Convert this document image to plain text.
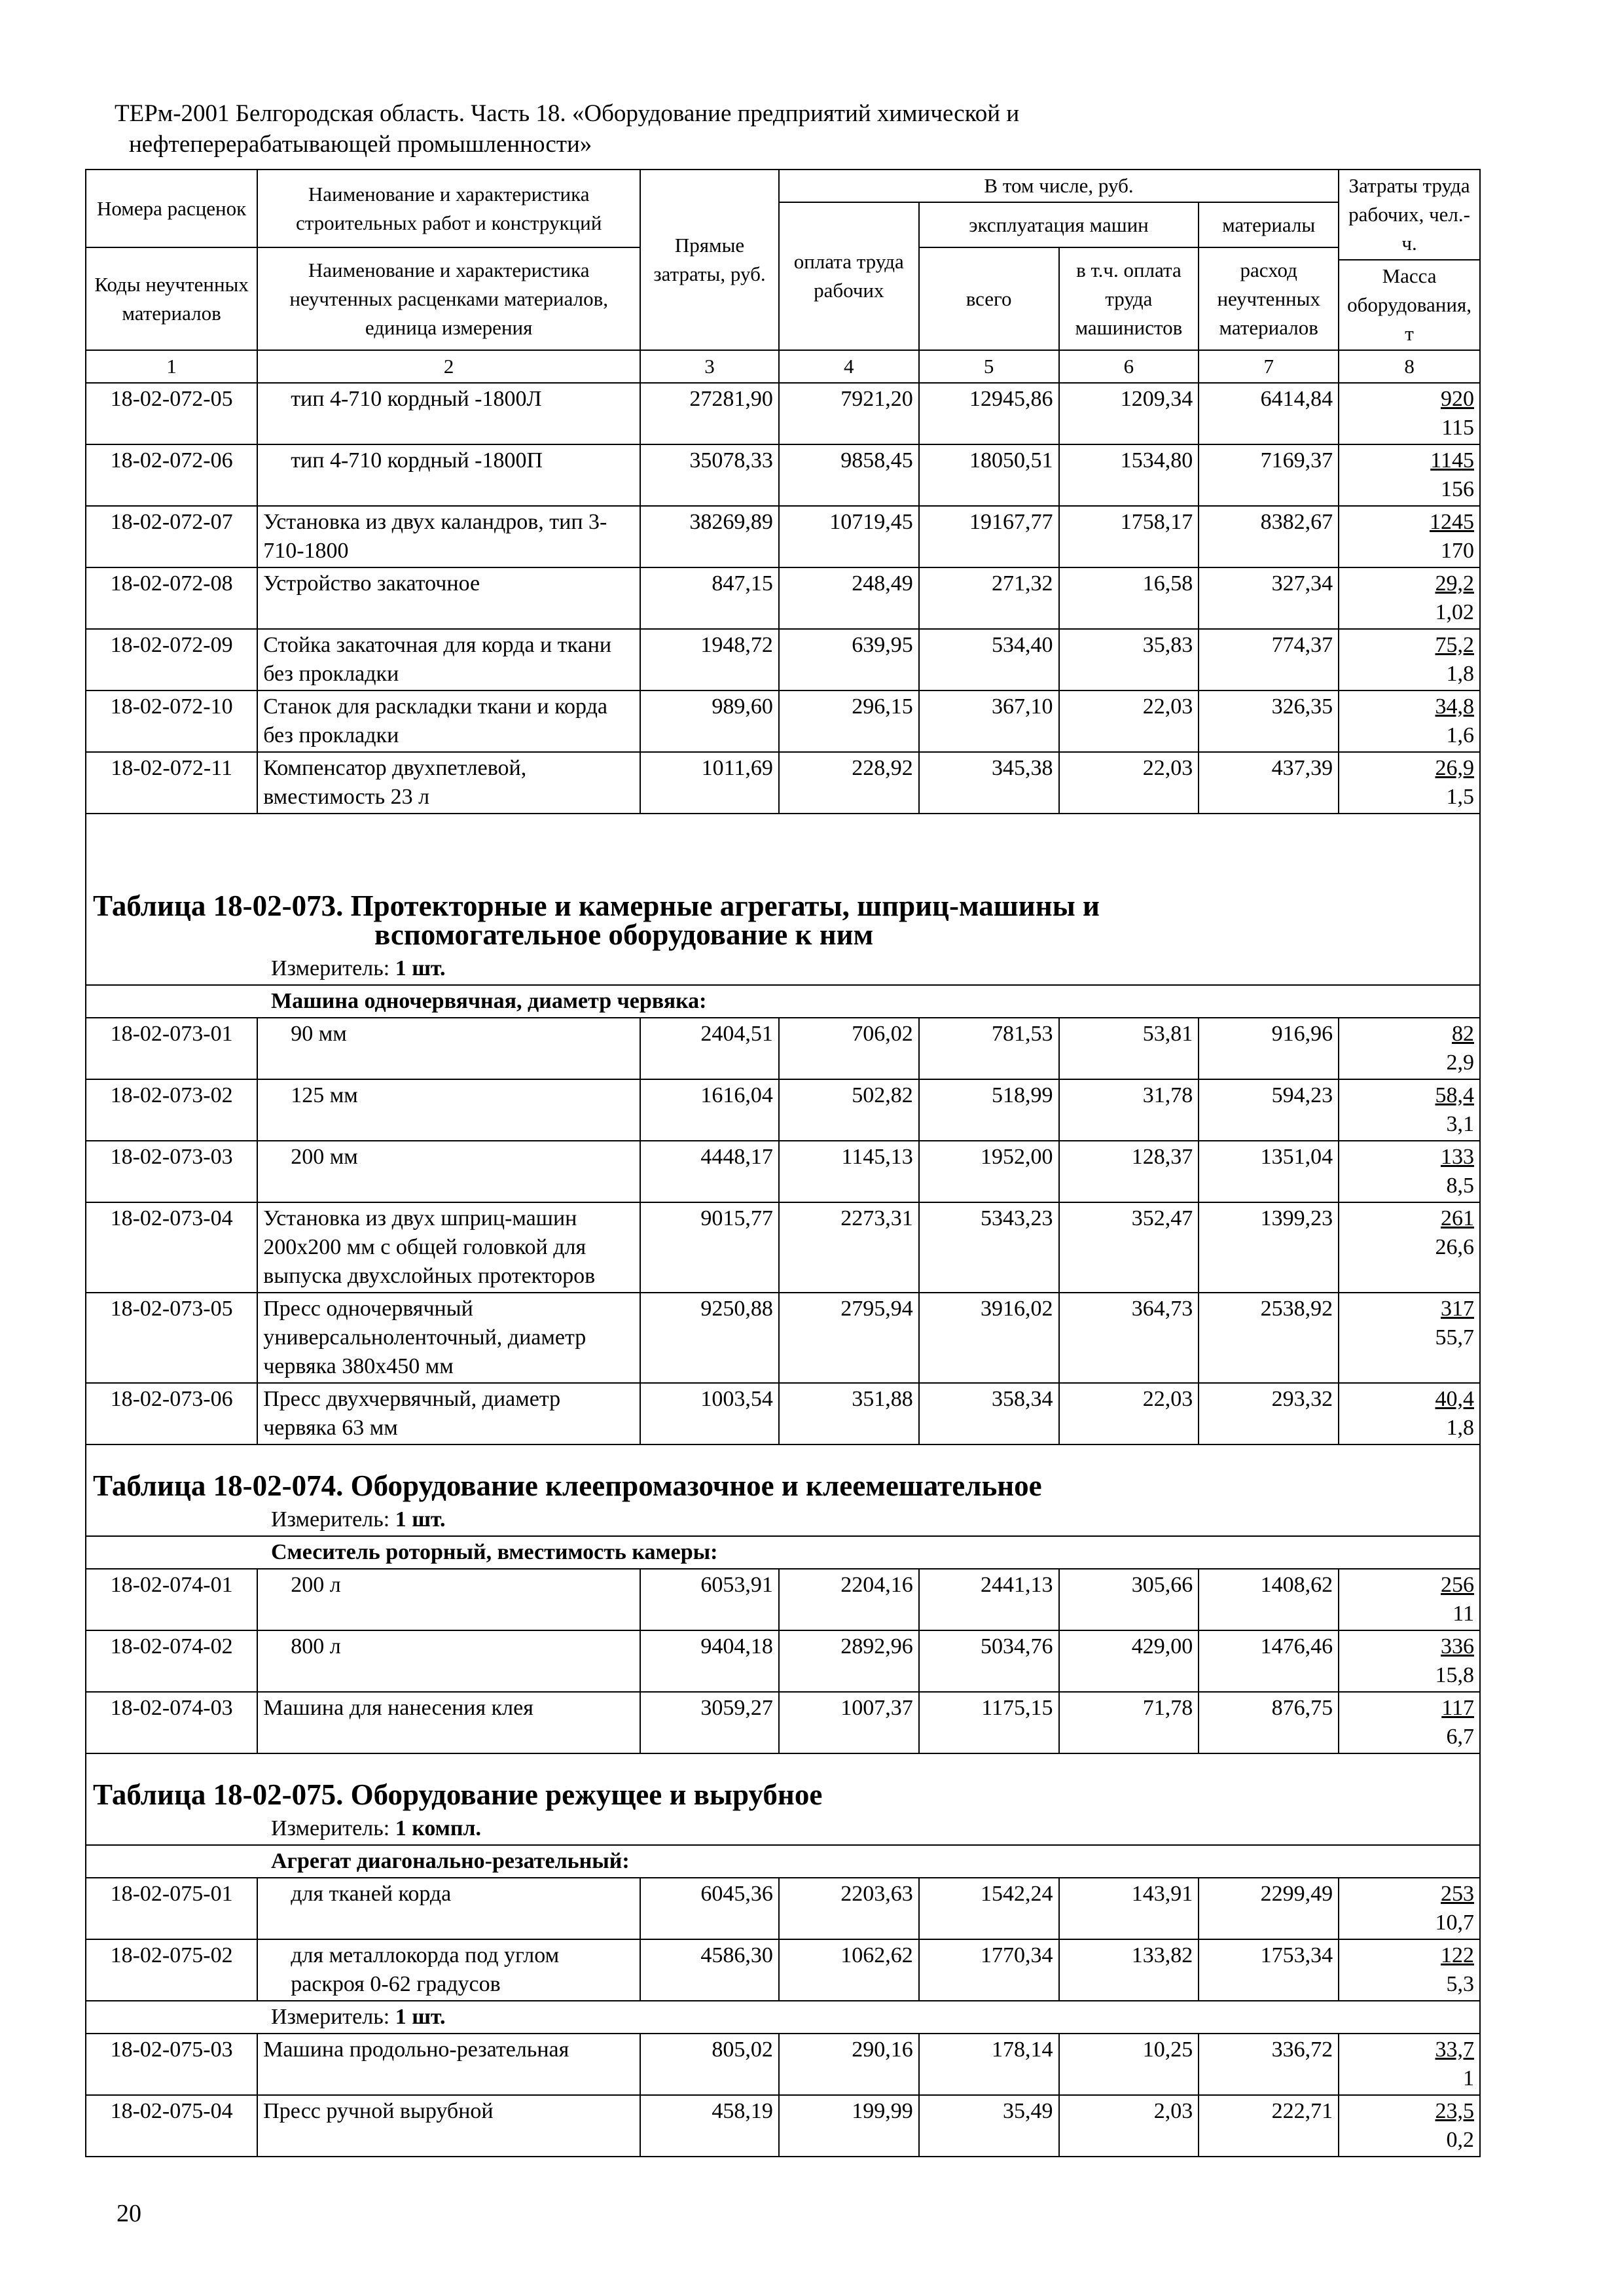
ТЕРм-2001 Белгородская область. Часть 18. «Оборудование предприятий химической и
нефтеперерабатывающей промышленности»
Номера расценок	Наименование и характеристика строительных работ и конструкций	Прямые затраты, руб.	В том числе, руб.				Затраты труда рабочих, чел.-ч.
			оплата труда рабочих	эксплуатация машин		материалы	
Коды неучтенных материалов	Наименование и характеристика неучтенных расценками материалов, единица измерения			всего	в т.ч. оплата труда машинистов	расход неучтенных материалов	
							Масса оборудования, т
1	2	3	4	5	6	7	8
18-02-072-05	тип 4-710 кордный -1800Л	27281,90	7921,20	12945,86	1209,34	6414,84	920
115

18-02-072-06	тип 4-710 кордный -1800П	35078,33	9858,45	18050,51	1534,80	7169,37	1145
156

18-02-072-07	Установка из двух каландров, тип 3-710-1800	38269,89	10719,45	19167,77	1758,17	8382,67	1245
170

18-02-072-08	Устройство закаточное	847,15	248,49	271,32	16,58	327,34	29,2
1,02

18-02-072-09	Стойка закаточная для корда и ткани без прокладки	1948,72	639,95	534,40	35,83	774,37	75,2
1,8

18-02-072-10	Станок для раскладки ткани и корда без прокладки	989,60	296,15	367,10	22,03	326,35	34,8
1,6

18-02-072-11	Компенсатор двухпетлевой, вместимость 23 л	1011,69	228,92	345,38	22,03	437,39	26,9
1,5

Таблица 18-02-073. Протекторные и камерные агрегаты, шприц-машины и
вспомогательное оборудование к ним							

Измеритель: 1 шт.							
Машина одночервячная, диаметр червяка:							
18-02-073-01	90 мм	2404,51	706,02	781,53	53,81	916,96	82
2,9

18-02-073-02	125 мм	1616,04	502,82	518,99	31,78	594,23	58,4
3,1

18-02-073-03	200 мм	4448,17	1145,13	1952,00	128,37	1351,04	133
8,5

18-02-073-04	Установка из двух шприц-машин 200x200 мм с общей головкой для выпуска двухслойных протекторов	9015,77	2273,31	5343,23	352,47	1399,23	261
26,6

18-02-073-05	Пресс одночервячный универсальноленточный, диаметр червяка 380x450 мм	9250,88	2795,94	3916,02	364,73	2538,92	317
55,7

18-02-073-06	Пресс двухчервячный, диаметр червяка 63 мм	1003,54	351,88	358,34	22,03	293,32	40,4
1,8

Таблица 18-02-074. Оборудование клеепромазочное и клеемешательное							
Измеритель: 1 шт.							
Смеситель роторный, вместимость камеры:							
18-02-074-01	200 л	6053,91	2204,16	2441,13	305,66	1408,62	256
11

18-02-074-02	800 л	9404,18	2892,96	5034,76	429,00	1476,46	336
15,8

18-02-074-03	Машина для нанесения клея	3059,27	1007,37	1175,15	71,78	876,75	117
6,7

Таблица 18-02-075. Оборудование режущее и вырубное							
Измеритель: 1 компл.							
Агрегат диагонально-резательный:							
18-02-075-01	для тканей корда	6045,36	2203,63	1542,24	143,91	2299,49	253
10,7

18-02-075-02	для металлокорда под углом раскроя 0-62 градусов	4586,30	1062,62	1770,34	133,82	1753,34	122
5,3

Измеритель: 1 шт.							
18-02-075-03	Машина продольно-резательная	805,02	290,16	178,14	10,25	336,72	33,7
1

18-02-075-04	Пресс ручной вырубной	458,19	199,99	35,49	2,03	222,71	23,5
0,2
20
